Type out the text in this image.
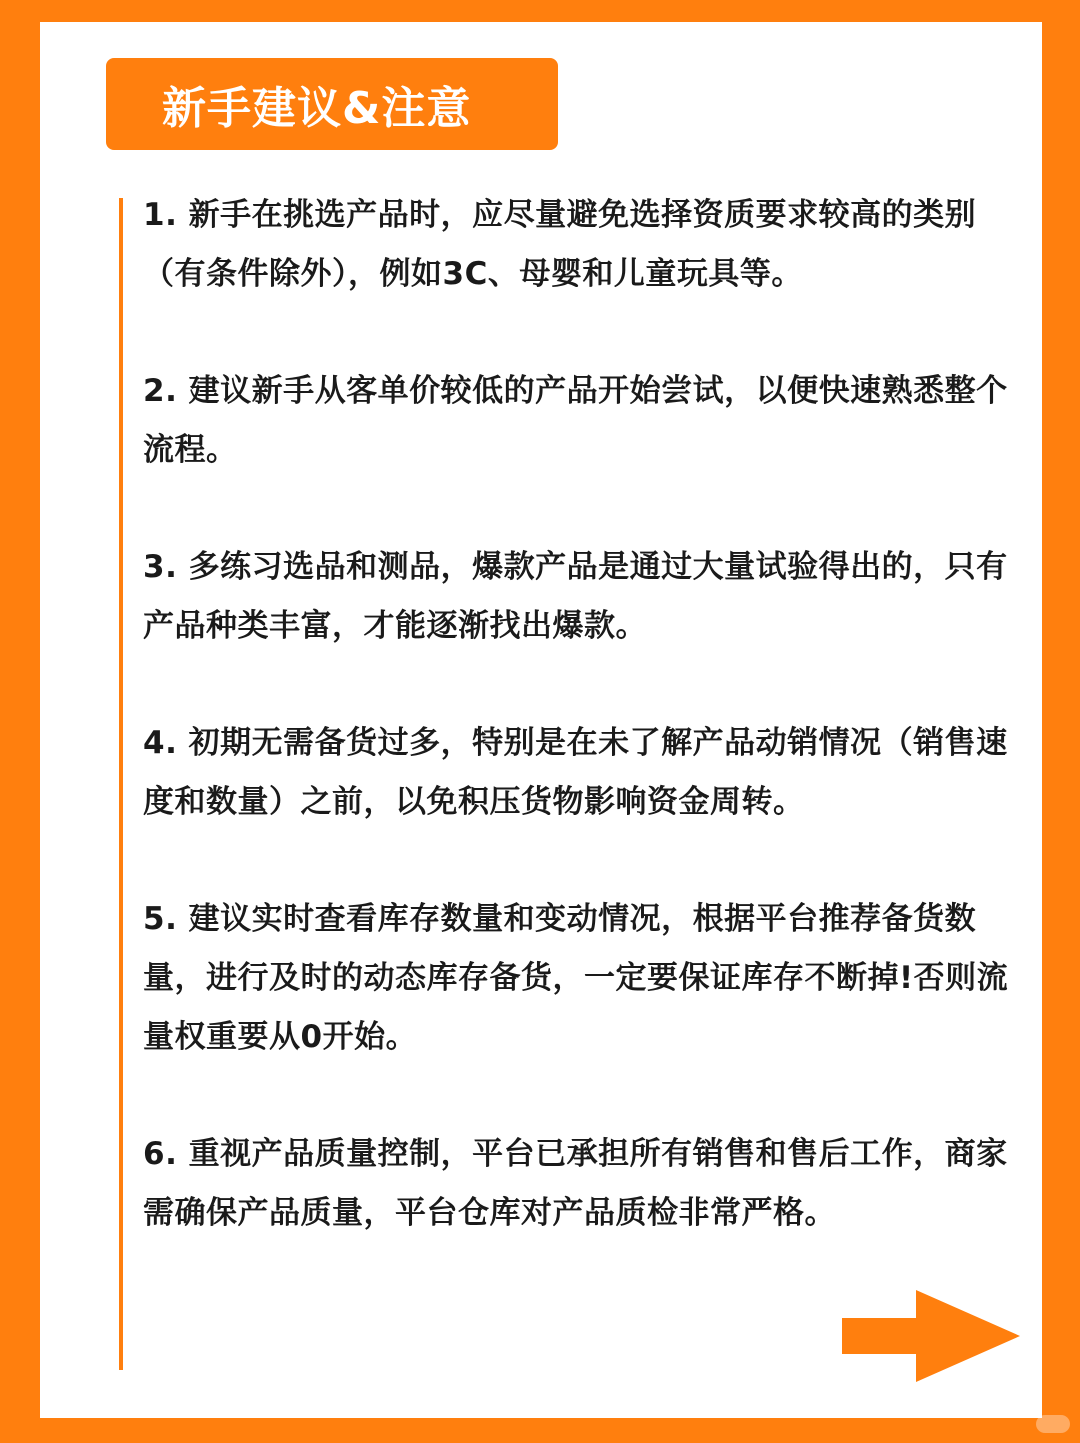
新手建议&注意

1. 新手在挑选产品时，应尽量避免选择资质要求较高的类别（有条件除外），例如3C、母婴和儿童玩具等。

2. 建议新手从客单价较低的产品开始尝试，以便快速熟悉整个流程。

3. 多练习选品和测品，爆款产品是通过大量试验得出的，只有产品种类丰富，才能逐渐找出爆款。

4. 初期无需备货过多，特别是在未了解产品动销情况（销售速度和数量）之前，以免积压货物影响资金周转。

5. 建议实时查看库存数量和变动情况，根据平台推荐备货数量，进行及时的动态库存备货，一定要保证库存不断掉!否则流量权重要从0开始。

6. 重视产品质量控制，平台已承担所有销售和售后工作，商家需确保产品质量，平台仓库对产品质检非常严格。
